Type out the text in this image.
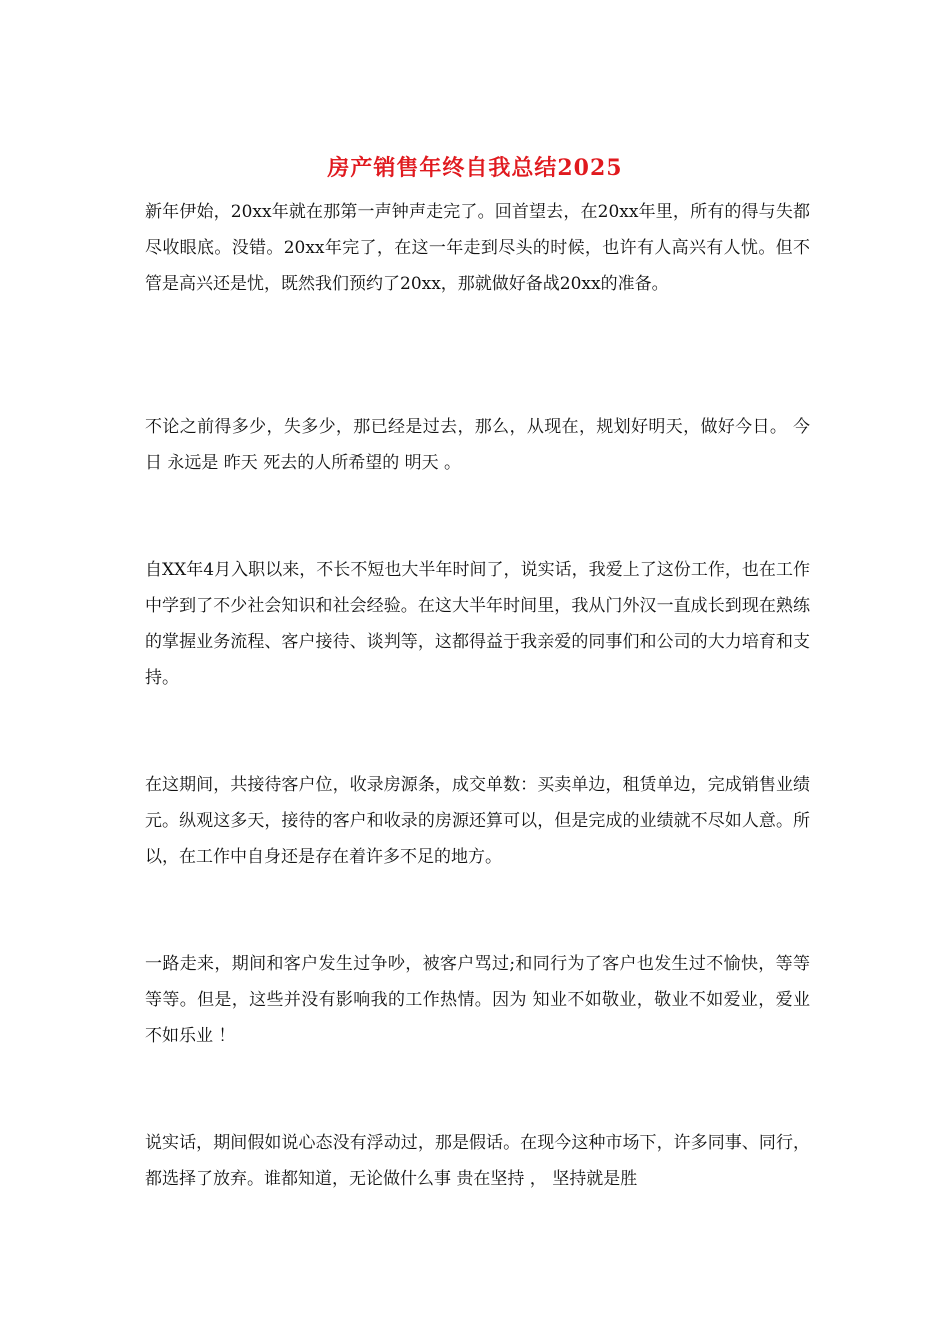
房产销售年终自我总结2025

新年伊始，20xx年就在那第一声钟声走完了。回首望去，在20xx年里，所有的得与失都尽收眼底。没错。20xx年完了，在这一年走到尽头的时候，也许有人高兴有人忧。但不管是高兴还是忧，既然我们预约了20xx，那就做好备战20xx的准备。

不论之前得多少，失多少，那已经是过去，那么，从现在，规划好明天，做好今日。 今日 永远是 昨天 死去的人所希望的 明天 。

自XX年4月入职以来，不长不短也大半年时间了，说实话，我爱上了这份工作，也在工作中学到了不少社会知识和社会经验。在这大半年时间里，我从门外汉一直成长到现在熟练的掌握业务流程、客户接待、谈判等，这都得益于我亲爱的同事们和公司的大力培育和支持。

在这期间，共接待客户位，收录房源条，成交单数：买卖单边，租赁单边，完成销售业绩元。纵观这多天，接待的客户和收录的房源还算可以，但是完成的业绩就不尽如人意。所以，在工作中自身还是存在着许多不足的地方。

一路走来，期间和客户发生过争吵，被客户骂过;和同行为了客户也发生过不愉快，等等等等。但是，这些并没有影响我的工作热情。因为 知业不如敬业，敬业不如爱业，爱业不如乐业 ！

说实话，期间假如说心态没有浮动过，那是假话。在现今这种市场下，许多同事、同行，都选择了放弃。谁都知道，无论做什么事 贵在坚持 ， 坚持就是胜
